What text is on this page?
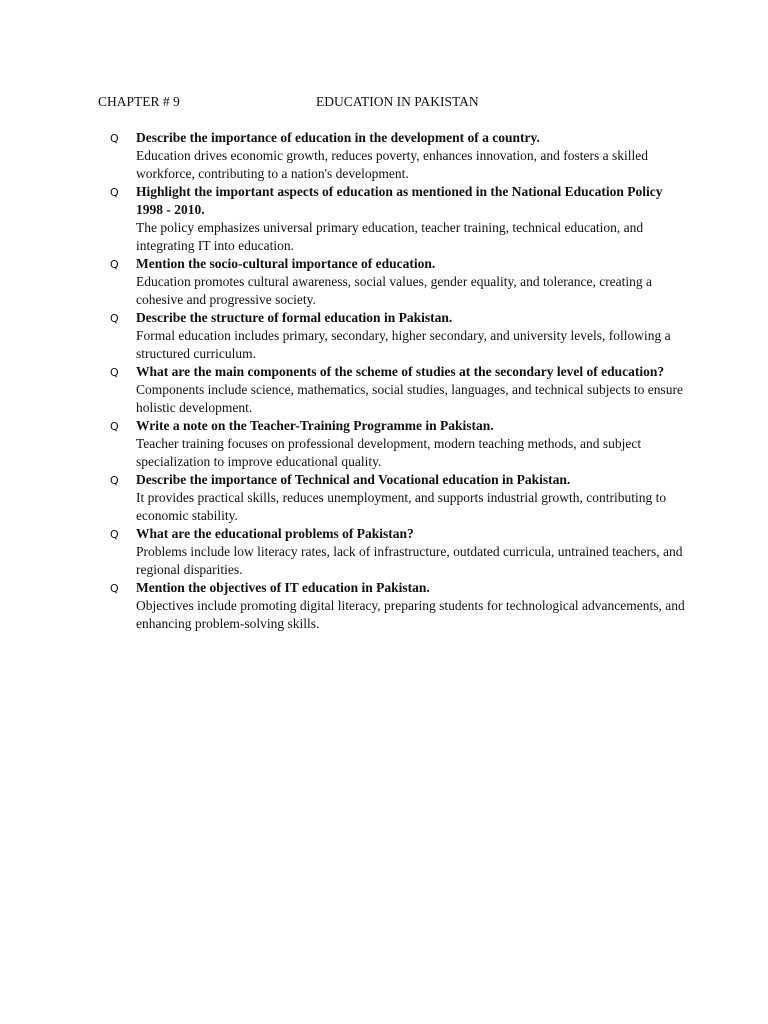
CHAPTER # 9	EDUCATION IN PAKISTAN
Q Describe the importance of education in the development of a country.
Education drives economic growth, reduces poverty, enhances innovation, and fosters a skilled workforce, contributing to a nation's development.
Q Highlight the important aspects of education as mentioned in the National Education Policy 1998 - 2010.
The policy emphasizes universal primary education, teacher training, technical education, and integrating IT into education.
Q Mention the socio-cultural importance of education.
Education promotes cultural awareness, social values, gender equality, and tolerance, creating a cohesive and progressive society.
Q Describe the structure of formal education in Pakistan.
Formal education includes primary, secondary, higher secondary, and university levels, following a structured curriculum.
Q What are the main components of the scheme of studies at the secondary level of education?
Components include science, mathematics, social studies, languages, and technical subjects to ensure holistic development.
Q Write a note on the Teacher-Training Programme in Pakistan.
Teacher training focuses on professional development, modern teaching methods, and subject specialization to improve educational quality.
Q Describe the importance of Technical and Vocational education in Pakistan.
It provides practical skills, reduces unemployment, and supports industrial growth, contributing to economic stability.
Q What are the educational problems of Pakistan?
Problems include low literacy rates, lack of infrastructure, outdated curricula, untrained teachers, and regional disparities.
Q Mention the objectives of IT education in Pakistan.
Objectives include promoting digital literacy, preparing students for technological advancements, and enhancing problem-solving skills.
